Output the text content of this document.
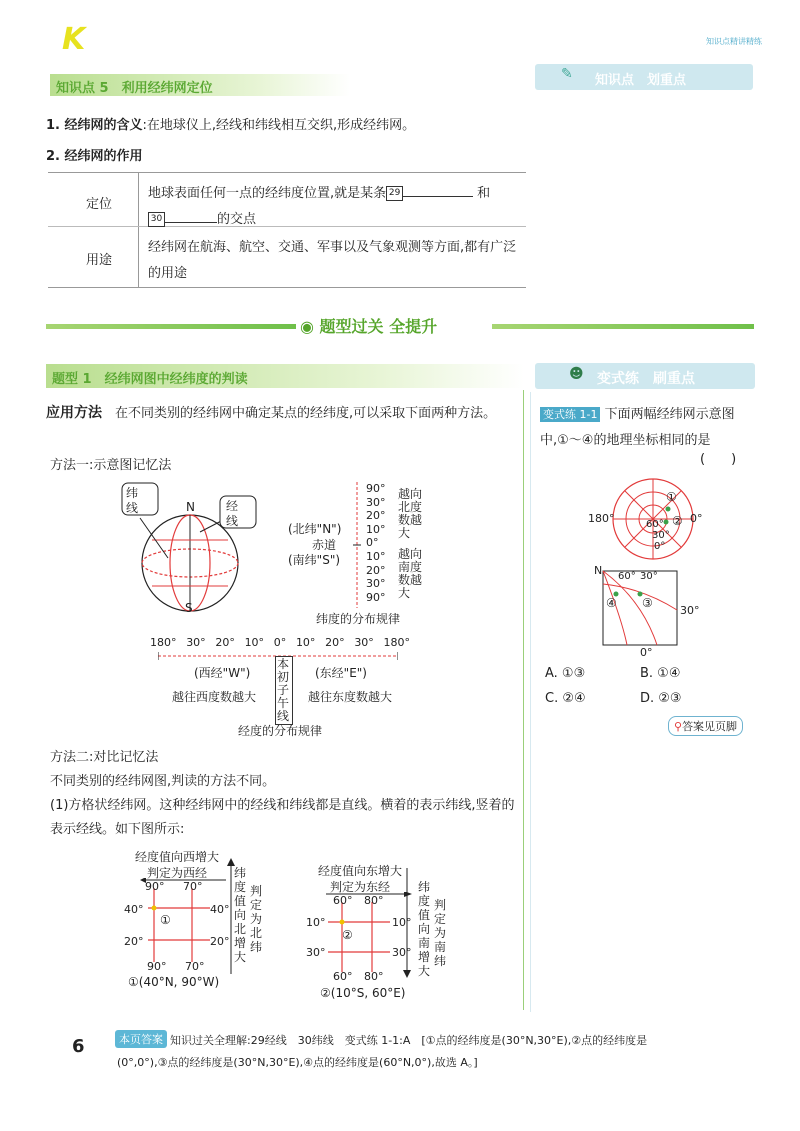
K	知识点精讲精练
知识点 5　利用经纬网定位
✎ 知识点　划重点
1. 经纬网的含义:在地球仪上,经线和纬线相互交织,形成经纬网。
2. 经纬网的作用
定位
地球表面任何一点的经纬度位置,就是某条 29	和
30	的交点
用途
经纬网在航海、航空、交通、军事以及气象观测等方面,都有广泛的用途
◉ 题型过关 全提升
题型 1　经纬网图中经纬度的判读
应用方法　 在不同类别的经纬网中确定某点的经纬度,可以采取下面两种方法。
方法一:示意图记忆法
纬线	经线
N
S
90°
30°
20°
10°
0°
10°
20°
30°
90°
(北纬"N")
赤道
(南纬"S")
越向北度数越大
越向南度数越大
纬度的分布规律
180° 30° 20° 10° 0° 10° 20° 30° 180°
(西经"W")	(东经"E")
本初子午线
越往西度数越大	越往东度数越大
经度的分布规律
方法二:对比记忆法
不同类别的经纬网图,判读的方法不同。
(1)方格状经纬网。这种经纬网中的经线和纬线都是直线。横着的表示纬线,竖着的表示经线。如下图所示:
经度值向西增大
判定为西经
90° 70°
40°
20°
40°
20°
①
90° 70°
①(40°N, 90°W)
纬度值向北增大
判定为北纬
经度值向东增大
判定为东经
60° 80°
10°
30°
10°
30°
②
60° 80°
②(10°S, 60°E)
纬度值向南增大
判定为南纬
☻ 变式练　刷重点
变式练 1-1 下面两幅经纬网示意图中,①～④的地理坐标相同的是
(　　)
180°	0°
①
②
60°
30°
0°
N 60° 30°
30°
0°
③
④
A. ①③	B. ①④
C. ②④	D. ②③
⚲答案见页脚
6	本页答案 知识过关全理解:29经线　30纬线　变式练 1-1:A　[①点的经纬度是(30°N,30°E),②点的经纬度是
(0°,0°),③点的经纬度是(30°N,30°E),④点的经纬度是(60°N,0°),故选 A。]
